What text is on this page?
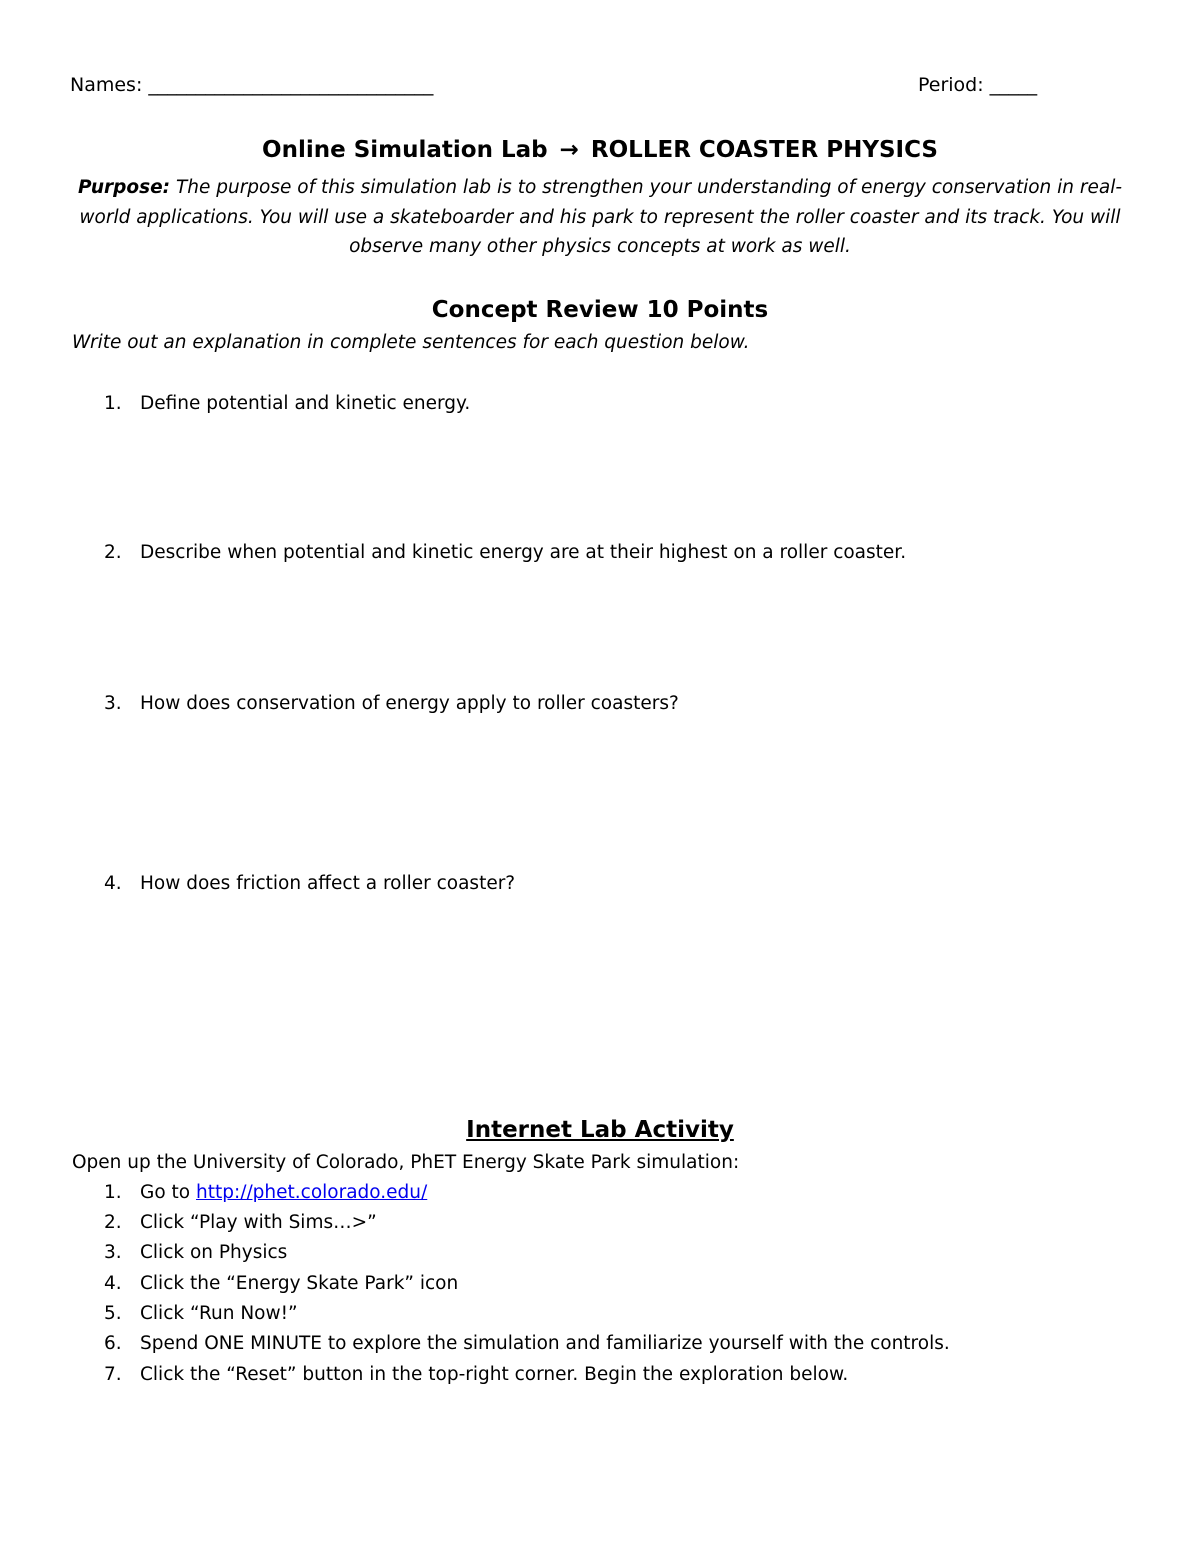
Names: ______________________________	Period: _____
Online Simulation Lab → ROLLER COASTER PHYSICS
Purpose: The purpose of this simulation lab is to strengthen your understanding of energy conservation in real-world applications. You will use a skateboarder and his park to represent the roller coaster and its track. You will observe many other physics concepts at work as well.
Concept Review 10 Points
Write out an explanation in complete sentences for each question below.
1. Define potential and kinetic energy.
2. Describe when potential and kinetic energy are at their highest on a roller coaster.
3. How does conservation of energy apply to roller coasters?
4. How does friction affect a roller coaster?
Internet Lab Activity
Open up the University of Colorado, PhET Energy Skate Park simulation:
1. Go to http://phet.colorado.edu/
2. Click “Play with Sims…>”
3. Click on Physics
4. Click the “Energy Skate Park” icon
5. Click “Run Now!”
6. Spend ONE MINUTE to explore the simulation and familiarize yourself with the controls.
7. Click the “Reset” button in the top-right corner. Begin the exploration below.
